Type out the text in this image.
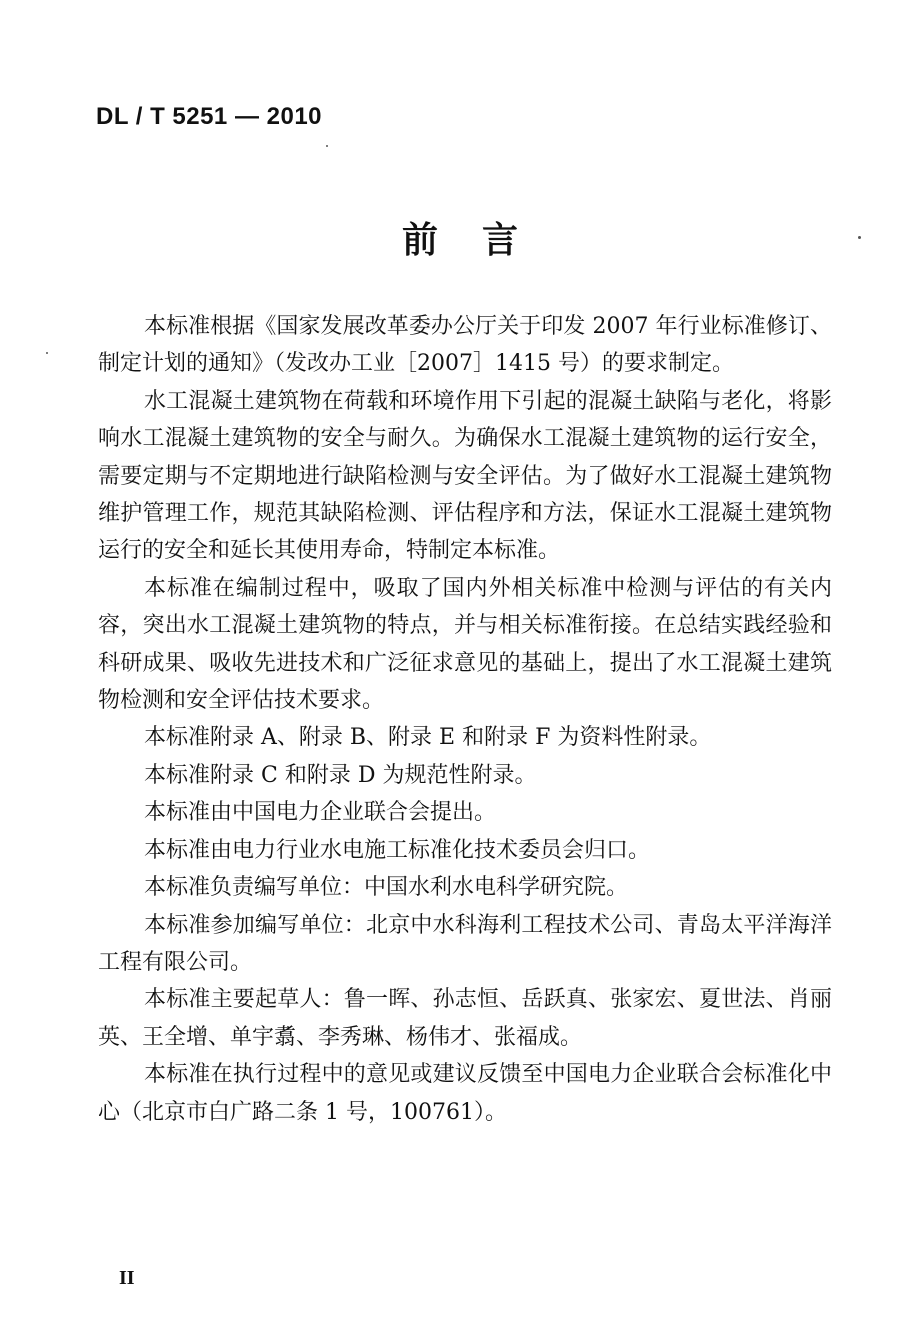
DL / T 5251 — 2010
前言

本标准根据《国家发展改革委办公厅关于印发 2007 年行业标准修订、制定计划的通知》（发改办工业［2007］1415 号）的要求制定。

水工混凝土建筑物在荷载和环境作用下引起的混凝土缺陷与老化，将影响水工混凝土建筑物的安全与耐久。为确保水工混凝土建筑物的运行安全，需要定期与不定期地进行缺陷检测与安全评估。为了做好水工混凝土建筑物维护管理工作，规范其缺陷检测、评估程序和方法，保证水工混凝土建筑物运行的安全和延长其使用寿命，特制定本标准。

本标准在编制过程中，吸取了国内外相关标准中检测与评估的有关内容，突出水工混凝土建筑物的特点，并与相关标准衔接。在总结实践经验和科研成果、吸收先进技术和广泛征求意见的基础上，提出了水工混凝土建筑物检测和安全评估技术要求。

本标准附录 A、附录 B、附录 E 和附录 F 为资料性附录。

本标准附录 C 和附录 D 为规范性附录。

本标准由中国电力企业联合会提出。

本标准由电力行业水电施工标准化技术委员会归口。

本标准负责编写单位：中国水利水电科学研究院。

本标准参加编写单位：北京中水科海利工程技术公司、青岛太平洋海洋工程有限公司。

本标准主要起草人：鲁一晖、孙志恒、岳跃真、张家宏、夏世法、肖丽英、王全增、单宇翥、李秀琳、杨伟才、张福成。

本标准在执行过程中的意见或建议反馈至中国电力企业联合会标准化中心（北京市白广路二条 1 号，100761）。

II
